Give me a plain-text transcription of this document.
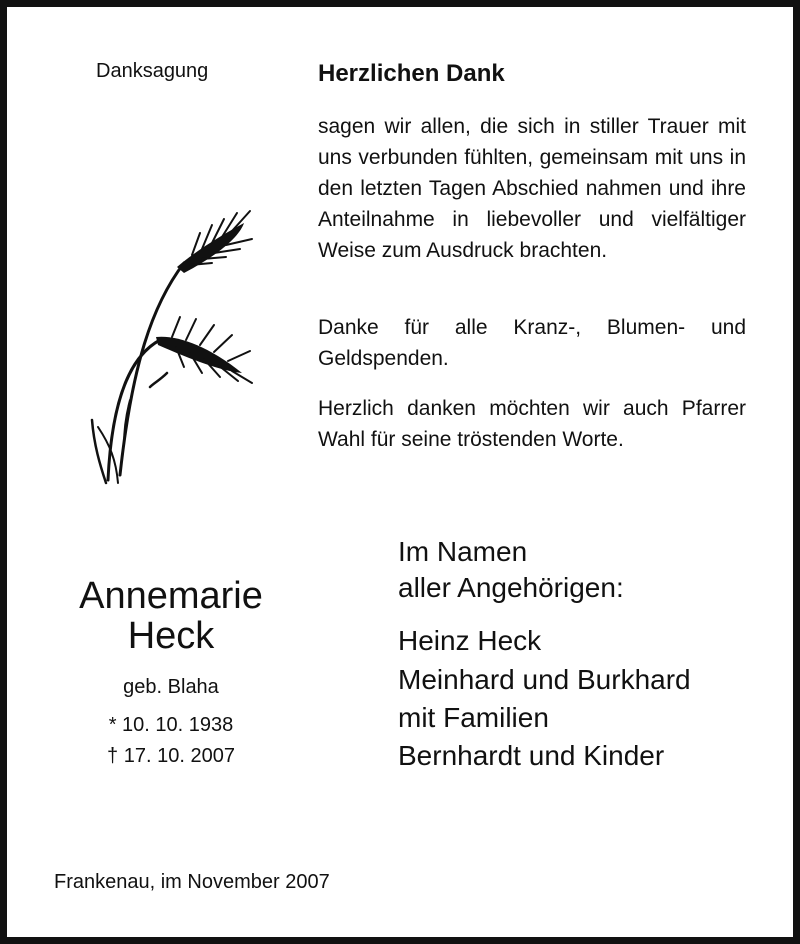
Danksagung	Herzlichen Dank
sagen wir allen, die sich in stiller Trauer mit uns verbunden fühlten, gemeinsam mit uns in den letzten Tagen Abschied nahmen und ihre Anteilnahme in liebevoller und vielfältiger Weise zum Ausdruck brachten.
Danke für alle Kranz-, Blumen- und Geldspenden.
Herzlich danken möchten wir auch Pfarrer Wahl für seine tröstenden Worte.
Annemarie
Heck
geb. Blaha
* 10. 10. 1938
† 17. 10. 2007
Im Namen
aller Angehörigen:
Heinz Heck
Meinhard und Burkhard
mit Familien
Bernhardt und Kinder
Frankenau, im November 2007
